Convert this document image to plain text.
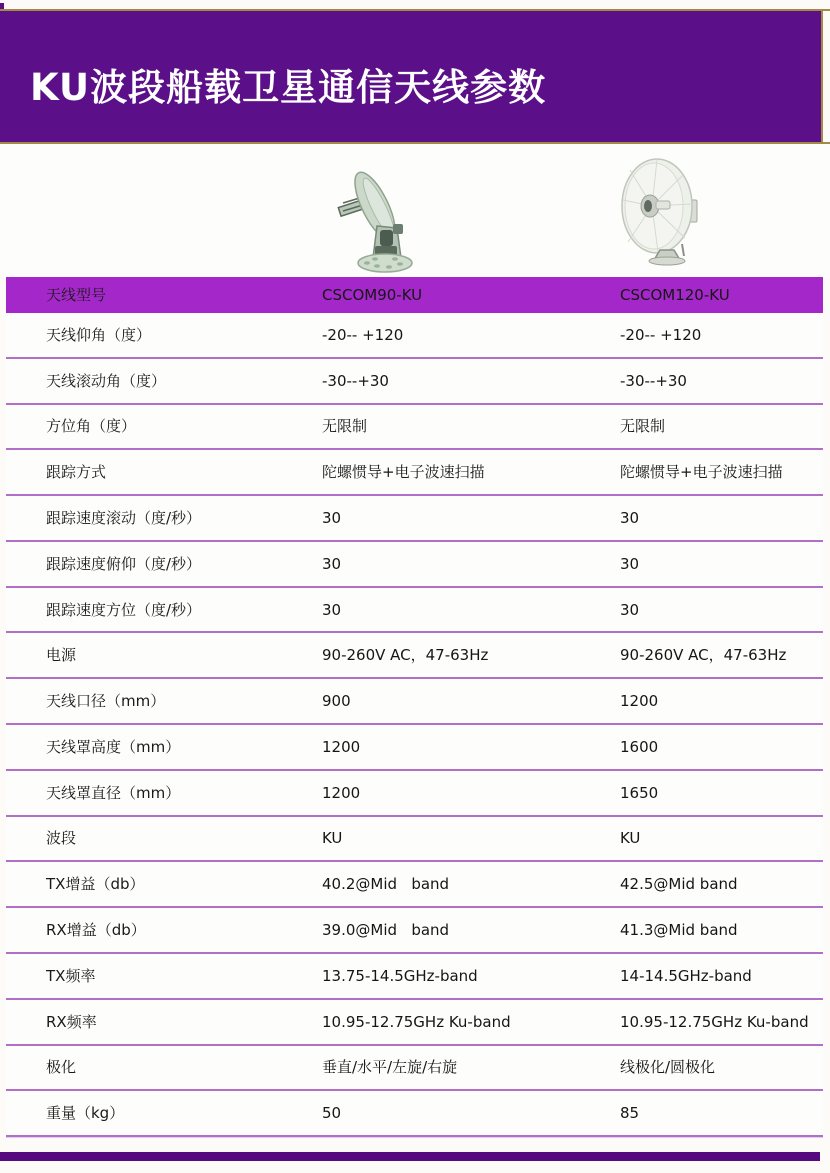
KU波段船载卫星通信天线参数
天线型号	CSCOM90-KU	CSCOM120-KU
天线仰角（度）	-20-- +120	-20-- +120
天线滚动角（度）	-30--+30	-30--+30
方位角（度）	无限制	无限制
跟踪方式	陀螺惯导+电子波速扫描	陀螺惯导+电子波速扫描
跟踪速度滚动（度/秒）	30	30
跟踪速度俯仰（度/秒）	30	30
跟踪速度方位（度/秒）	30	30
电源	90-260V AC，47-63Hz	90-260V AC，47-63Hz
天线口径（mm）	900	1200
天线罩高度（mm）	1200	1600
天线罩直径（mm）	1200	1650
波段	KU	KU
TX增益（db）	40.2@Mid   band	42.5@Mid band
RX增益（db）	39.0@Mid   band	41.3@Mid band
TX频率	13.75-14.5GHz-band	14-14.5GHz-band
RX频率	10.95-12.75GHz Ku-band	10.95-12.75GHz Ku-band
极化	垂直/水平/左旋/右旋	线极化/圆极化
重量（kg）	50	85
